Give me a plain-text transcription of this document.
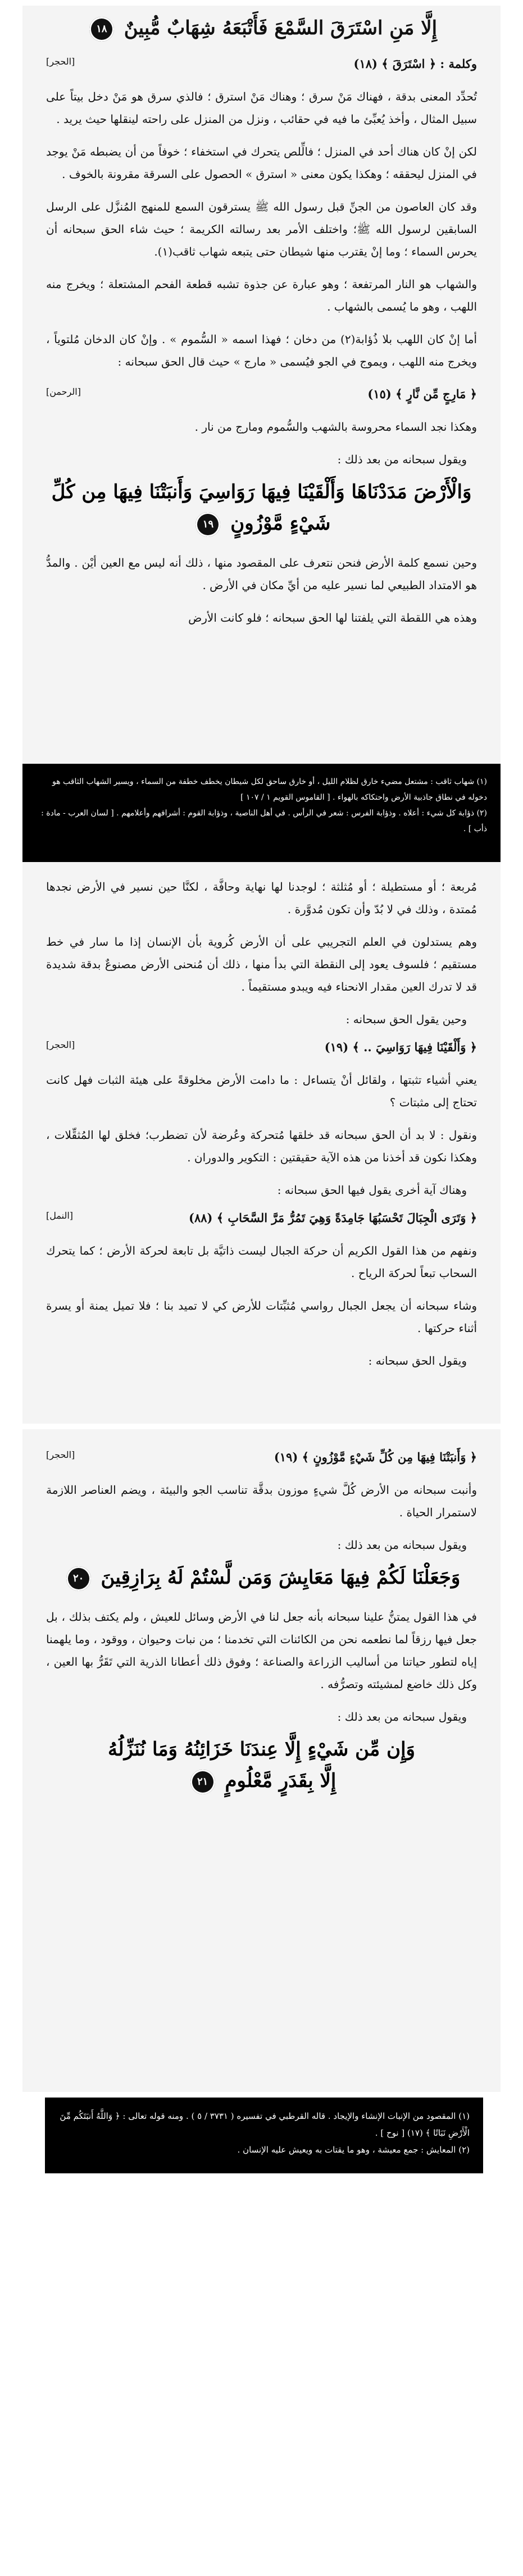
إِلَّا مَنِ اسْتَرَقَ السَّمْعَ فَأَتْبَعَهُ شِهَابٌ مُّبِينٌ ١٨
[الحجر]	وكلمة : ﴿ اسْتَرَقَ ﴾ (١٨)

تُحدِّد المعنى بدقة ، فهناك مَنْ سرق ؛ وهناك مَنْ استرق ؛ فالذي سرق هو مَنْ دخل بيتاً على سبيل المثال ، وأخذ يُعبِّئ ما فيه في حقائب ، ونزل من المنزل على راحته لينقلها حيث يريد .

لكن إنْ كان هناك أحد في المنزل ؛ فالِّلص يتحرك في استخفاء ؛ خوفاً من أن يضبطه مَنْ يوجد في المنزل ليحققه ؛ وهكذا يكون معنى « استرق » الحصول على السرقة مقرونة بالخوف .

وقد كان العاصون من الجنِّ قبل رسول الله ﷺ يسترقون السمع للمنهج المُنزَّل على الرسل السابقين لرسول الله ﷺ؛ واختلف الأمر بعد رسالته الكريمة ؛ حيث شاء الحق سبحانه أن يحرس السماء ؛ وما إنْ يقترب منها شيطان حتى يتبعه شهاب ثاقب(١).

والشهاب هو النار المرتفعة ؛ وهو عبارة عن جذوة تشبه قطعة الفحم المشتعلة ؛ ويخرج منه اللهب ، وهو ما يُسمى بالشهاب .

أما إنْ كان اللهب بلا ذُؤابة(٢) من دخان ؛ فهذا اسمه « السُّموم » . وإنْ كان الدخان مُلتوياً ، ويخرج منه اللهب ، ويموج في الجو فيُسمى « مارج » حيث قال الحق سبحانه :

[الرحمن]	﴿ مَارِجٍ مِّن نَّارٍ ﴾ (١٥)

وهكذا نجد السماء محروسة بالشهب والسُّموم ومارج من نار .

ويقول سبحانه من بعد ذلك :

وَالْأَرْضَ مَدَدْنَاهَا وَأَلْقَيْنَا فِيهَا رَوَاسِيَ وَأَنبَتْنَا فِيهَا مِن كُلِّ شَيْءٍ مَّوْزُونٍ ١٩

وحين نسمع كلمة الأرض فنحن نتعرف على المقصود منها ، ذلك أنه ليس مع العين أيْن . والمدُّ هو الامتداد الطبيعي لما نسير عليه من أيِّ مكان في الأرض .

وهذه هي اللقطة التي يلفتنا لها الحق سبحانه ؛ فلو كانت الأرض

(١) شهاب ثاقب : مشتعل مضيء خارق لظلام الليل ، أو خارق ساحق لكل شيطان يخطف خطفة من السماء ، ويسير الشهاب الثاقب هو دخوله في نطاق جاذبية الأرض واحتكاكه بالهواء . [ القاموس القويم ١ / ١٠٧ ]

(٢) ذؤابة كل شيء : أعلاه . وذؤابة الفرس : شعر في الرأس . في أهل الناصية ، وذؤابة القوم : أشرافهم وأعلامهم . [ لسان العرب - مادة : ذأب ] .

مُربعة ؛ أو مستطيلة ؛ أو مُثلثة ؛ لوجدنا لها نهاية وحافَّة ، لكنَّا حين نسير في الأرض نجدها مُمتدة ، وذلك في لا بُدّ وأن تكون مُدوَّرة .

وهم يستدلون في العلم التجريبي على أن الأرض كُروية بأن الإنسان إذا ما سار في خط مستقيم ؛ فلسوف يعود إلى النقطة التي بدأ منها ، ذلك أن مُنحنى الأرض مصنوعٌ بدقة شديدة قد لا تدرك العين مقدار الانحناء فيه ويبدو مستقيماً .

وحين يقول الحق سبحانه :

[الحجر]	﴿ وَأَلْقَيْنَا فِيهَا رَوَاسِيَ .. ﴾ (١٩)

يعني أشياء تثبتها ، ولقائل أنْ يتساءل : ما دامت الأرض مخلوقةً على هيئة الثبات فهل كانت تحتاج إلى مثبتات ؟

ونقول : لا بد أن الحق سبحانه قد خلقها مُتحركة وعُرضة لأن تضطرب؛ فخلق لها المُثقِّلات ، وهكذا نكون قد أخذنا من هذه الآية حقيقتين : التكوير والدوران .

وهناك آية أخرى يقول فيها الحق سبحانه :

[النمل]	﴿ وَتَرَى الْجِبَالَ تَحْسَبُهَا جَامِدَةً وَهِيَ تَمُرُّ مَرَّ السَّحَابِ ﴾ (٨٨)

ونفهم من هذا القول الكريم أن حركة الجبال ليست ذاتيَّة بل تابعة لحركة الأرض ؛ كما يتحرك السحاب تبعاً لحركة الرياح .

وشاء سبحانه أن يجعل الجبال رواسي مُثبِّتات للأرض كي لا تميد بنا ؛ فلا تميل يمنة أو يسرة أثناء حركتها .

ويقول الحق سبحانه :

[الحجر]	﴿ وَأَنبَتْنَا فِيهَا مِن كُلِّ شَيْءٍ مَّوْزُونٍ ﴾ (١٩)

وأنبت سبحانه من الأرض كُلَّ شيءٍ موزون بدقَّة تناسب الجو والبيئة ، ويضم العناصر اللازمة لاستمرار الحياة .

ويقول سبحانه من بعد ذلك :

وَجَعَلْنَا لَكُمْ فِيهَا مَعَايِشَ وَمَن لَّسْتُمْ لَهُ بِرَازِقِينَ ٢٠

في هذا القول يمتنُّ علينا سبحانه بأنه جعل لنا في الأرض وسائل للعيش ، ولم يكتف بذلك ، بل جعل فيها رزقاً لما نطعمه نحن من الكائنات التي تخدمنا ؛ من نبات وحيوان ، ووقود ، وما يلهمنا إياه لتطور حياتنا من أساليب الزراعة والصناعة ؛ وفوق ذلك أعطانا الذرية التي تَقَرُّ بها العين ، وكل ذلك خاضع لمشيئته وتصرُّفه .

ويقول سبحانه من بعد ذلك :

وَإِن مِّن شَيْءٍ إِلَّا عِندَنَا خَزَائِنُهُ وَمَا نُنَزِّلُهُ
إِلَّا بِقَدَرٍ مَّعْلُومٍ ٢١

(١) المقصود من الإنبات الإنشاء والإيجاد . قاله القرطبي في تفسيره ( ٣٧٣١ / ٥ ) . ومنه قوله تعالى : ﴿ وَاللَّهُ أَنبَتَكُم مِّنَ الْأَرْضِ نَبَاتًا ﴾ (١٧) [ نوح ] .

(٢) المعايش : جمع معيشة ، وهو ما يقتات به ويعيش عليه الإنسان .
